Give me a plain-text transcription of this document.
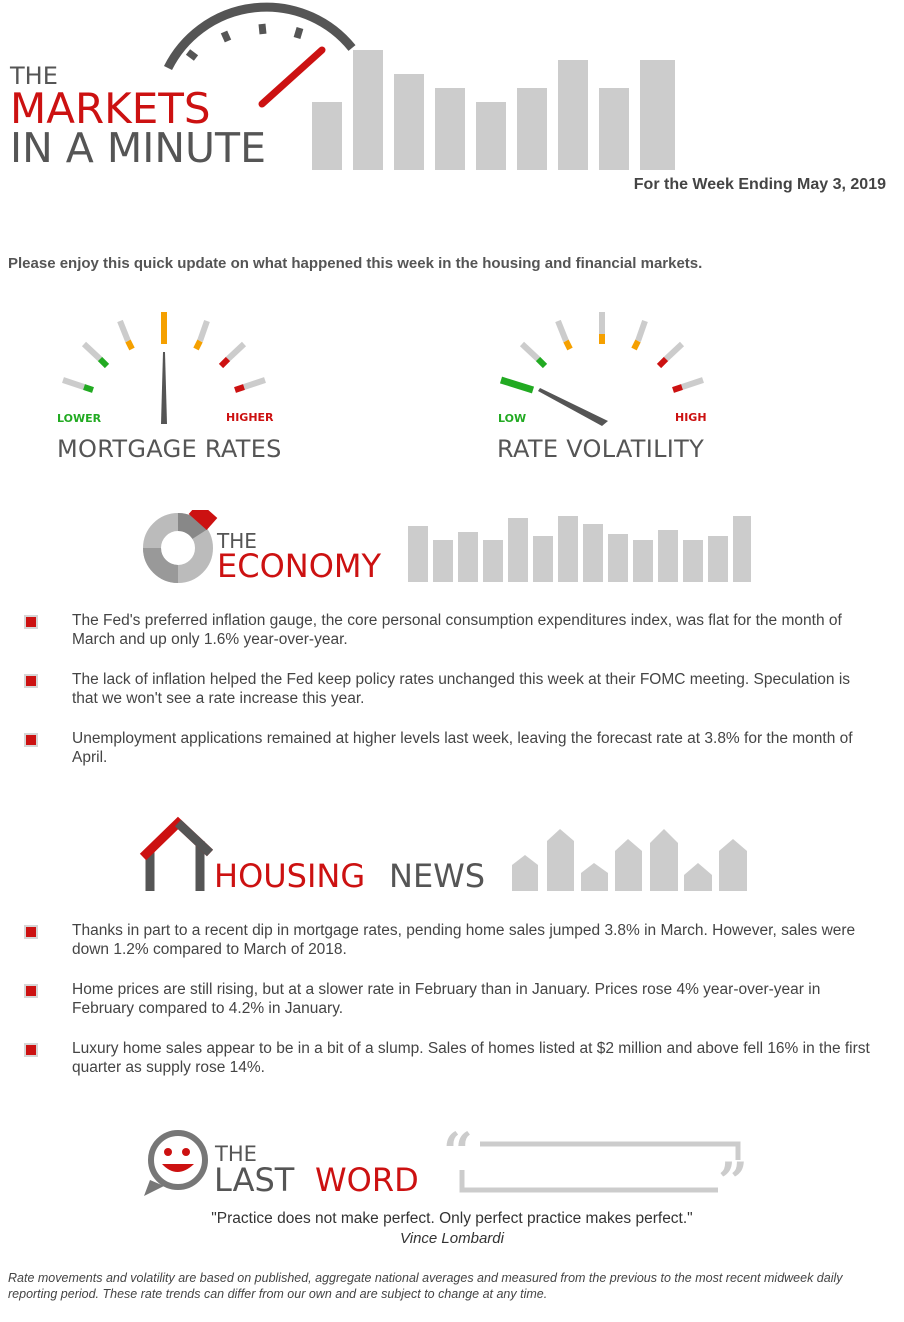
THE
MARKETS
IN A MINUTE
For the Week Ending May 3, 2019
Please enjoy this quick update on what happened this week in the housing and financial markets.
LOWER	HIGHER
MORTGAGE RATES
LOW	HIGH
RATE VOLATILITY
THE
ECONOMY
The Fed's preferred inflation gauge, the core personal consumption expenditures index, was flat for the month of March and up only 1.6% year-over-year.
The lack of inflation helped the Fed keep policy rates unchanged this week at their FOMC meeting. Speculation is that we won't see a rate increase this year.
Unemployment applications remained at higher levels last week, leaving the forecast rate at 3.8% for the month of April.
HOUSING NEWS
Thanks in part to a recent dip in mortgage rates, pending home sales jumped 3.8% in March. However, sales were down 1.2% compared to March of 2018.
Home prices are still rising, but at a slower rate in February than in January. Prices rose 4% year-over-year in February compared to 4.2% in January.
Luxury home sales appear to be in a bit of a slump. Sales of homes listed at $2 million and above fell 16% in the first quarter as supply rose 14%.
“	”
THE
LAST WORD
"Practice does not make perfect. Only perfect practice makes perfect."
Vince Lombardi
Rate movements and volatility are based on published, aggregate national averages and measured from the previous to the most recent midweek daily reporting period. These rate trends can differ from our own and are subject to change at any time.
